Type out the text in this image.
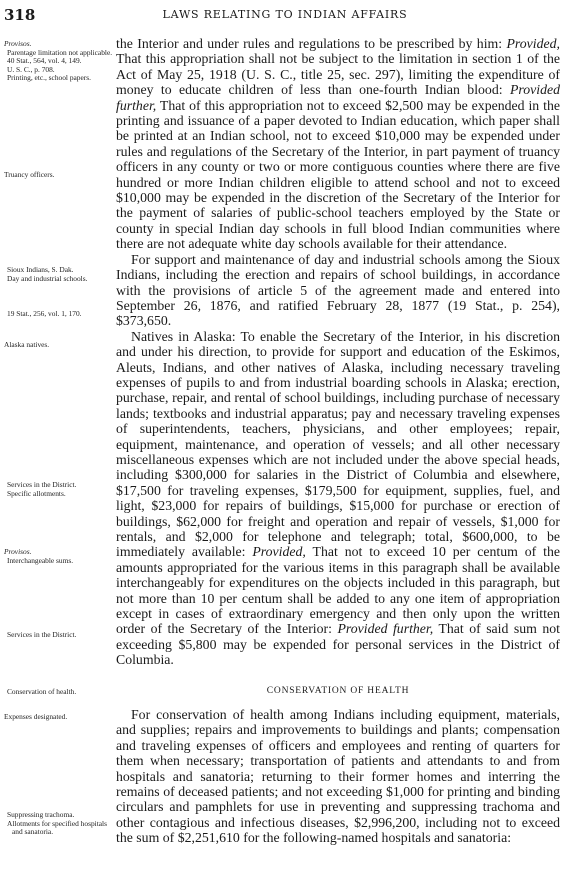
318	LAWS RELATING TO INDIAN AFFAIRS
Provisos.
Parentage limitation not applicable.
40 Stat., 564, vol. 4, 149.
U. S. C., p. 708.
Printing, etc., school papers.
Truancy officers.
Sioux Indians, S. Dak.
Day and industrial schools.
19 Stat., 256, vol. 1, 170.
Alaska natives.
Services in the District.
Specific allotments.
Provisos.
Interchangeable sums.
Services in the District.
Conservation of health.
Expenses designated.
Suppressing trachoma.
Allotments for specified hospitals and sanatoria.

the Interior and under rules and regulations to be prescribed by him: Provided, That this appropriation shall not be subject to the limitation in section 1 of the Act of May 25, 1918 (U. S. C., title 25, sec. 297), limiting the expenditure of money to educate children of less than one-fourth Indian blood: Provided further, That of this appropriation not to exceed $2,500 may be expended in the printing and issuance of a paper devoted to Indian education, which paper shall be printed at an Indian school, not to exceed $10,000 may be expended under rules and regulations of the Secretary of the Interior, in part payment of truancy officers in any county or two or more contiguous counties where there are five hundred or more Indian children eligible to attend school and not to exceed $10,000 may be expended in the discretion of the Secretary of the Interior for the payment of salaries of public-school teachers employed by the State or county in special Indian day schools in full blood Indian communities where there are not adequate white day schools available for their attendance.

For support and maintenance of day and industrial schools among the Sioux Indians, including the erection and repairs of school buildings, in accordance with the provisions of article 5 of the agreement made and entered into September 26, 1876, and ratified February 28, 1877 (19 Stat., p. 254), $373,650.

Natives in Alaska: To enable the Secretary of the Interior, in his discretion and under his direction, to provide for support and education of the Eskimos, Aleuts, Indians, and other natives of Alaska, including necessary traveling expenses of pupils to and from industrial boarding schools in Alaska; erection, purchase, repair, and rental of school buildings, including purchase of necessary lands; textbooks and industrial apparatus; pay and necessary traveling expenses of superintendents, teachers, physicians, and other employees; repair, equipment, maintenance, and operation of vessels; and all other necessary miscellaneous expenses which are not included under the above special heads, including $300,000 for salaries in the District of Columbia and elsewhere, $17,500 for traveling expenses, $179,500 for equipment, supplies, fuel, and light, $23,000 for repairs of buildings, $15,000 for purchase or erection of buildings, $62,000 for freight and operation and repair of vessels, $1,000 for rentals, and $2,000 for telephone and telegraph; total, $600,000, to be immediately available: Provided, That not to exceed 10 per centum of the amounts appropriated for the various items in this paragraph shall be available interchangeably for expenditures on the objects included in this paragraph, but not more than 10 per centum shall be added to any one item of appropriation except in cases of extraordinary emergency and then only upon the written order of the Secretary of the Interior: Provided further, That of said sum not exceeding $5,800 may be expended for personal services in the District of Columbia.

CONSERVATION OF HEALTH

For conservation of health among Indians including equipment, materials, and supplies; repairs and improvements to buildings and plants; compensation and traveling expenses of officers and employees and renting of quarters for them when necessary; transportation of patients and attendants to and from hospitals and sanatoria; returning to their former homes and interring the remains of deceased patients; and not exceeding $1,000 for printing and binding circulars and pamphlets for use in preventing and suppressing trachoma and other contagious and infectious diseases, $2,996,200, including not to exceed the sum of $2,251,610 for the following-named hospitals and sanatoria:
